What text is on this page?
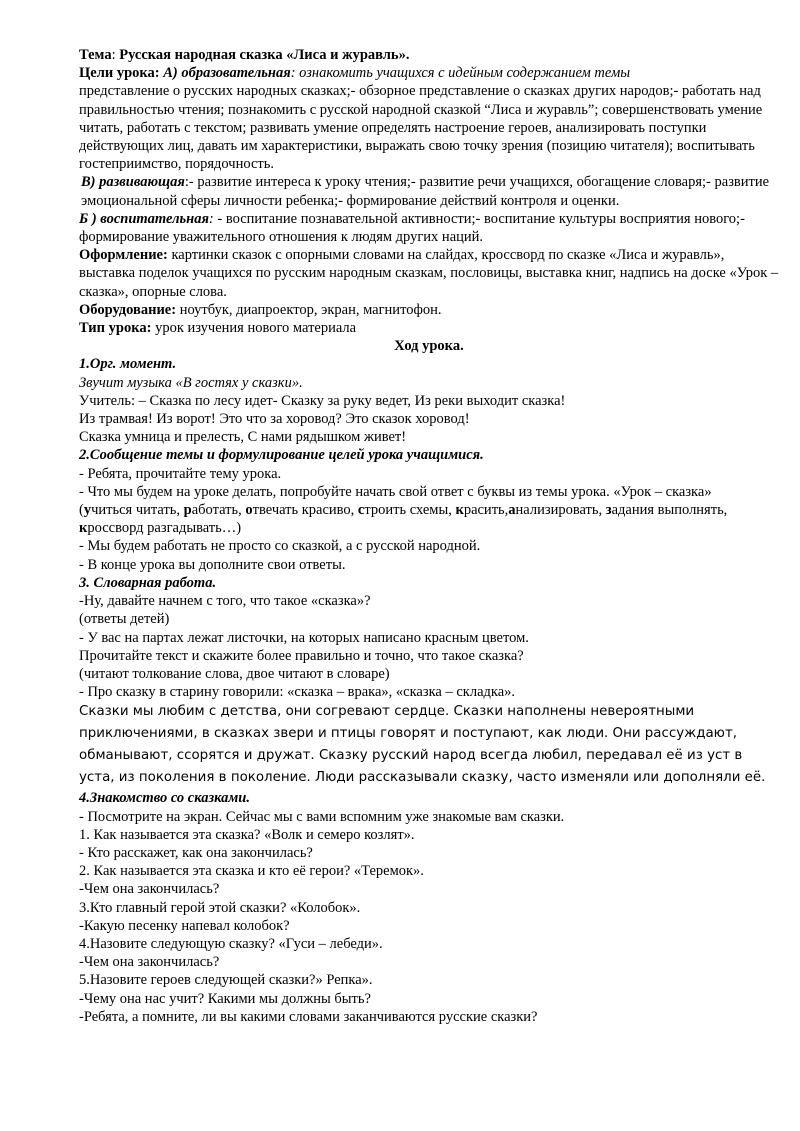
Тема: Русская народная сказка «Лиса и журавль».

Цели урока: А) образовательная: ознакомить учащихся с идейным содержанием темы

представление о русских народных сказках;- обзорное представление о сказках других народов;- работать над правильностью чтения; познакомить с русской народной сказкой “Лиса и журавль”; совершенствовать умение читать, работать с текстом; развивать умение определять настроение героев, анализировать поступки действующих лиц, давать им характеристики, выражать свою точку зрения (позицию читателя); воспитывать гостеприимство, порядочность.

В) развивающая:- развитие интереса к уроку чтения;- развитие речи учащихся, обогащение словаря;- развитие эмоциональной сферы личности ребенка;- формирование действий контроля и оценки.

Б ) воспитательная: - воспитание познавательной активности;- воспитание культуры восприятия нового;- формирование уважительного отношения к людям других наций.

Оформление: картинки сказок с опорными словами на слайдах, кроссворд по сказке «Лиса и журавль», выставка поделок учащихся по русским народным сказкам, пословицы, выставка книг, надпись на доске «Урок – сказка», опорные слова.

Оборудование: ноутбук, диапроектор, экран, магнитофон.

Тип урока: урок изучения нового материала

Ход урока.

1.Орг. момент.

Звучит музыка «В гостях у сказки».

Учитель: – Сказка по лесу идет- Сказку за руку ведет, Из реки выходит сказка!

Из трамвая! Из ворот! Это что за хоровод? Это сказок хоровод!

Сказка умница и прелесть, С нами рядышком живет!

2.Сообщение темы и формулирование целей урока учащимися.

- Ребята, прочитайте тему урока.

- Что мы будем на уроке делать, попробуйте начать свой ответ с буквы из темы урока. «Урок – сказка»

(учиться читать, работать, отвечать красиво, строить схемы, красить,анализировать, задания выполнять, кроссворд разгадывать…)

- Мы будем работать не просто со сказкой, а с русской народной.

- В конце урока вы дополните свои ответы.

3. Словарная работа.

-Ну, давайте начнем с того, что такое «сказка»?

(ответы детей)

- У вас на партах лежат листочки, на которых написано красным цветом.

Прочитайте текст и скажите более правильно и точно, что такое сказка?

(читают толкование слова, двое читают в словаре)

- Про сказку в старину говорили: «сказка – врака», «сказка – складка».

Сказки мы любим с детства, они согревают сердце. Сказки наполнены невероятными приключениями, в сказках звери и птицы говорят и поступают, как люди. Они рассуждают, обманывают, ссорятся и дружат. Сказку русский народ всегда любил, передавал её из уст в уста, из поколения в поколение. Люди рассказывали сказку, часто изменяли или дополняли её.

4.Знакомство со сказками.

- Посмотрите на экран. Сейчас мы с вами вспомним уже знакомые вам сказки.

1. Как называется эта сказка? «Волк и семеро козлят».

- Кто расскажет, как она закончилась?

2. Как называется эта сказка и кто её герои? «Теремок».

-Чем она закончилась?

3.Кто главный герой этой сказки? «Колобок».

-Какую песенку напевал колобок?

4.Назовите следующую сказку? «Гуси – лебеди».

-Чем она закончилась?

5.Назовите героев следующей сказки?» Репка».

-Чему она нас учит? Какими мы должны быть?

-Ребята, а помните, ли вы какими словами заканчиваются русские сказки?
